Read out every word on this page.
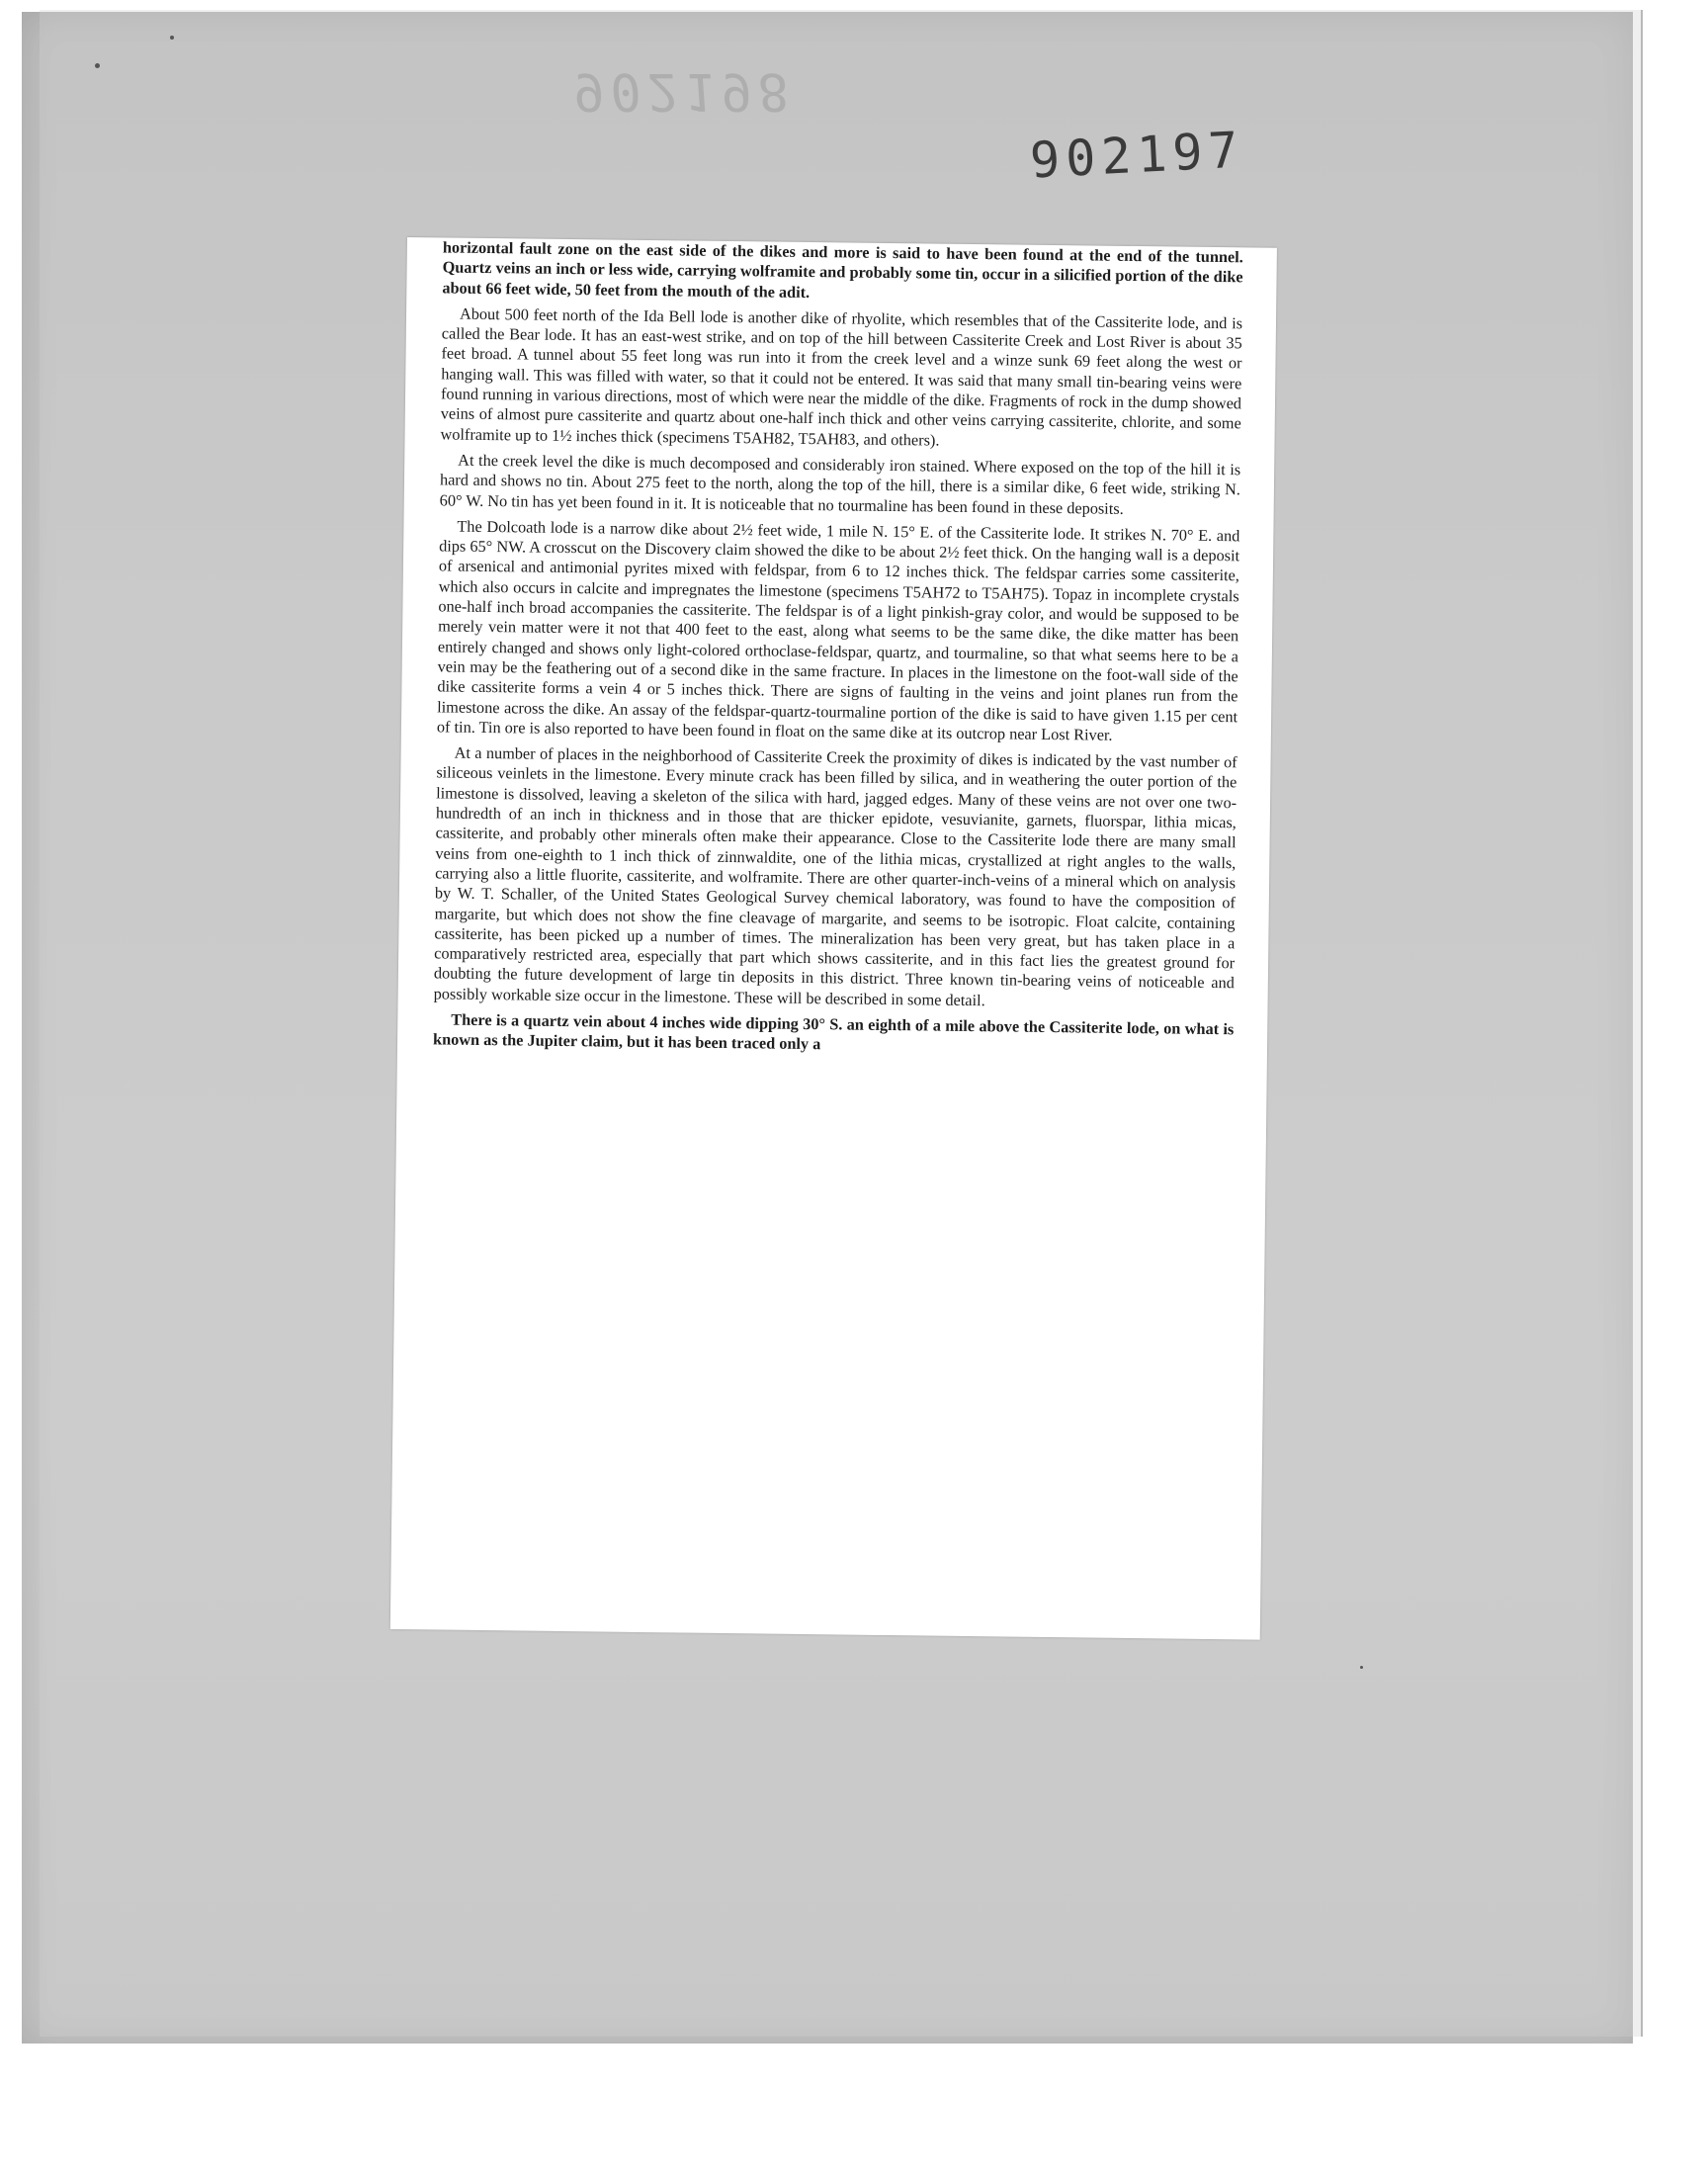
902198
902197

horizontal fault zone on the east side of the dikes and more is said to have been found at the end of the tunnel. Quartz veins an inch or less wide, carrying wolframite and probably some tin, occur in a silicified portion of the dike about 66 feet wide, 50 feet from the mouth of the adit.

About 500 feet north of the Ida Bell lode is another dike of rhyolite, which resembles that of the Cassiterite lode, and is called the Bear lode. It has an east-west strike, and on top of the hill between Cassiterite Creek and Lost River is about 35 feet broad. A tunnel about 55 feet long was run into it from the creek level and a winze sunk 69 feet along the west or hanging wall. This was filled with water, so that it could not be entered. It was said that many small tin-bearing veins were found running in various directions, most of which were near the middle of the dike. Fragments of rock in the dump showed veins of almost pure cassiterite and quartz about one-half inch thick and other veins carrying cassiterite, chlorite, and some wolframite up to 1½ inches thick (specimens T5AH82, T5AH83, and others).

At the creek level the dike is much decomposed and considerably iron stained. Where exposed on the top of the hill it is hard and shows no tin. About 275 feet to the north, along the top of the hill, there is a similar dike, 6 feet wide, striking N. 60° W. No tin has yet been found in it. It is noticeable that no tourmaline has been found in these deposits.

The Dolcoath lode is a narrow dike about 2½ feet wide, 1 mile N. 15° E. of the Cassiterite lode. It strikes N. 70° E. and dips 65° NW. A crosscut on the Discovery claim showed the dike to be about 2½ feet thick. On the hanging wall is a deposit of arsenical and antimonial pyrites mixed with feldspar, from 6 to 12 inches thick. The feldspar carries some cassiterite, which also occurs in calcite and impregnates the limestone (specimens T5AH72 to T5AH75). Topaz in incomplete crystals one-half inch broad accompanies the cassiterite. The feldspar is of a light pinkish-gray color, and would be supposed to be merely vein matter were it not that 400 feet to the east, along what seems to be the same dike, the dike matter has been entirely changed and shows only light-colored orthoclase-feldspar, quartz, and tourmaline, so that what seems here to be a vein may be the feathering out of a second dike in the same fracture. In places in the limestone on the foot-wall side of the dike cassiterite forms a vein 4 or 5 inches thick. There are signs of faulting in the veins and joint planes run from the limestone across the dike. An assay of the feldspar-quartz-tourmaline portion of the dike is said to have given 1.15 per cent of tin. Tin ore is also reported to have been found in float on the same dike at its outcrop near Lost River.

At a number of places in the neighborhood of Cassiterite Creek the proximity of dikes is indicated by the vast number of siliceous veinlets in the limestone. Every minute crack has been filled by silica, and in weathering the outer portion of the limestone is dissolved, leaving a skeleton of the silica with hard, jagged edges. Many of these veins are not over one two-hundredth of an inch in thickness and in those that are thicker epidote, vesuvianite, garnets, fluorspar, lithia micas, cassiterite, and probably other minerals often make their appearance. Close to the Cassiterite lode there are many small veins from one-eighth to 1 inch thick of zinnwaldite, one of the lithia micas, crystallized at right angles to the walls, carrying also a little fluorite, cassiterite, and wolframite. There are other quarter-inch-veins of a mineral which on analysis by W. T. Schaller, of the United States Geological Survey chemical laboratory, was found to have the composition of margarite, but which does not show the fine cleavage of margarite, and seems to be isotropic. Float calcite, containing cassiterite, has been picked up a number of times. The mineralization has been very great, but has taken place in a comparatively restricted area, especially that part which shows cassiterite, and in this fact lies the greatest ground for doubting the future development of large tin deposits in this district. Three known tin-bearing veins of noticeable and possibly workable size occur in the limestone. These will be described in some detail.

There is a quartz vein about 4 inches wide dipping 30° S. an eighth of a mile above the Cassiterite lode, on what is known as the Jupiter claim, but it has been traced only a
